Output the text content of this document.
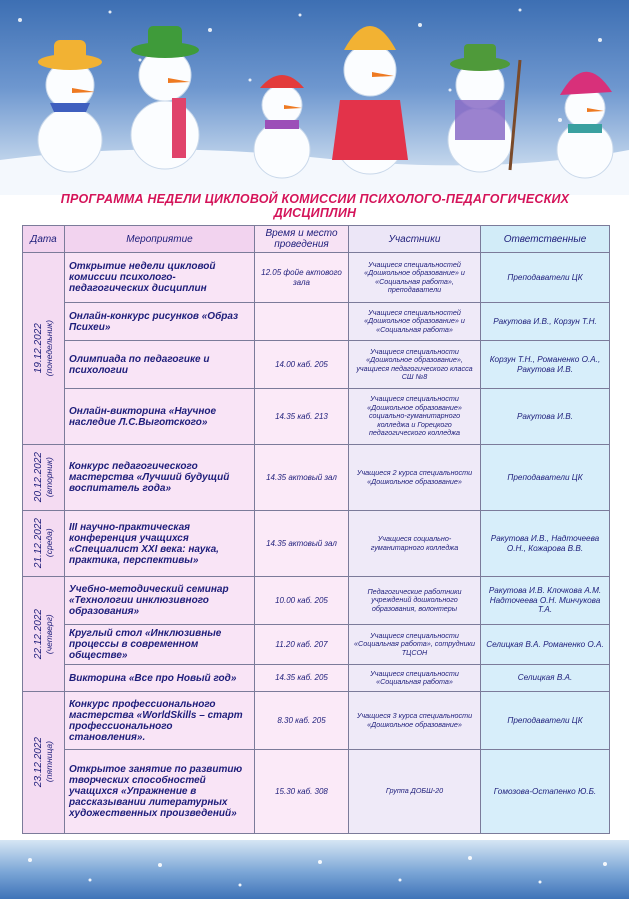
ПРОГРАММА НЕДЕЛИ ЦИКЛОВОЙ КОМИССИИ ПСИХОЛОГО-ПЕДАГОГИЧЕСКИХ ДИСЦИПЛИН
Дата	Мероприятие	Время и место проведения	Участники	Ответственные

19.12.2022 (понедельник)	Открытие недели цикловой комиссии психолого-педагогических дисциплин	12.05 фойе актового зала	Учащиеся специальностей «Дошкольное образование» и «Социальная работа», преподаватели	Преподаватели ЦК
	Онлайн-конкурс рисунков «Образ Психеи»		Учащиеся специальностей «Дошкольное образование» и «Социальная работа»	Ракутова И.В., Корзун Т.Н.
	Олимпиада по педагогике и психологии	14.00 каб. 205	Учащиеся специальности «Дошкольное образование», учащиеся педагогического класса СШ №8	Корзун Т.Н., Романенко О.А., Ракутова И.В.
	Онлайн-викторина «Научное наследие Л.С.Выготского»	14.35 каб. 213	Учащиеся специальности «Дошкольное образование» социально-гуманитарного колледжа и Горецкого педагогического колледжа	Ракутова И.В.

20.12.2022 (вторник)	Конкурс педагогического мастерства «Лучший будущий воспитатель года»	14.35 актовый зал	Учащиеся 2 курса специальности «Дошкольное образование»	Преподаватели ЦК

21.12.2022 (среда)	III научно-практическая конференция учащихся «Специалист XXI века: наука, практика, перспективы»	14.35 актовый зал	Учащиеся социально-гуманитарного колледжа	Ракутова И.В., Надточеева О.Н., Кожарова В.В.

22.12.2022 (четверг)	Учебно-методический семинар «Технологии инклюзивного образования»	10.00 каб. 205	Педагогические работники учреждений дошкольного образования, волонтеры	Ракутова И.В. Клочкова А.М. Надточеева О.Н. Минчукова Т.А.
	Круглый стол «Инклюзивные процессы в современном обществе»	11.20 каб. 207	Учащиеся специальности «Социальная работа», сотрудники ТЦСОН	Селицкая В.А. Романенко О.А.
	Викторина «Все про Новый год»	14.35 каб. 205	Учащиеся специальности «Социальная работа»	Селицкая В.А.

23.12.2022 (пятница)	Конкурс профессионального мастерства «WorldSkills – старт профессионального становления».	8.30 каб. 205	Учащиеся 3 курса специальности «Дошкольное образование»	Преподаватели ЦК
	Открытое занятие по развитию творческих способностей учащихся «Упражнение в рассказывании литературных художественных произведений»	15.30 каб. 308	Группа ДОБШ-20	Гомозова-Остапенко Ю.Б.
